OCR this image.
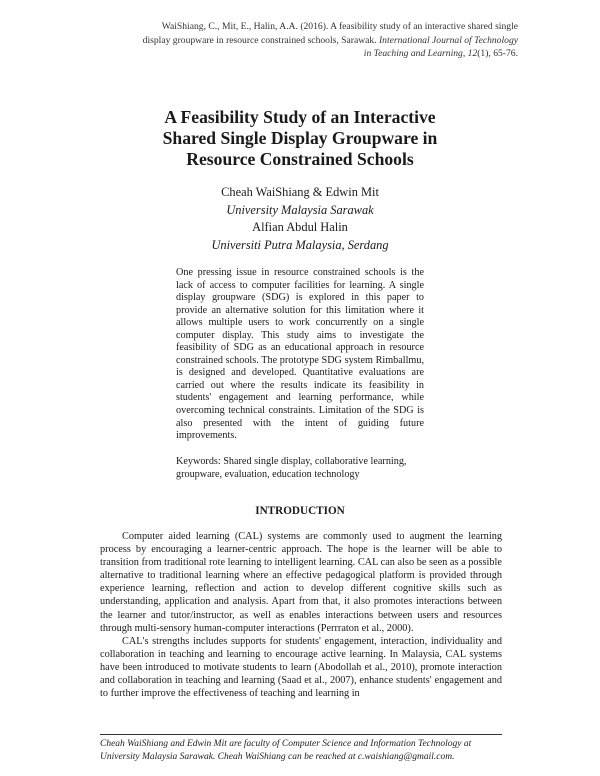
WaiShiang, C., Mit, E., Halin, A.A. (2016). A feasibility study of an interactive shared single
display groupware in resource constrained schools, Sarawak. International Journal of Technology
in Teaching and Learning, 12(1), 65-76.
A Feasibility Study of an Interactive
Shared Single Display Groupware in
Resource Constrained Schools
Cheah WaiShiang & Edwin Mit
University Malaysia Sarawak
Alfian Abdul Halin
Universiti Putra Malaysia, Serdang

One pressing issue in resource constrained schools is the lack of access to computer facilities for learning. A single display groupware (SDG) is explored in this paper to provide an alternative solution for this limitation where it allows multiple users to work concurrently on a single computer display. This study aims to investigate the feasibility of SDG as an educational approach in resource constrained schools. The prototype SDG system Rimballmu, is designed and developed. Quantitative evaluations are carried out where the results indicate its feasibility in students' engagement and learning performance, while overcoming technical constraints. Limitation of the SDG is also presented with the intent of guiding future improvements.

Keywords: Shared single display, collaborative learning, groupware, evaluation, education technology

INTRODUCTION

Computer aided learning (CAL) systems are commonly used to augment the learning process by encouraging a learner-centric approach. The hope is the learner will be able to transition from traditional rote learning to intelligent learning. CAL can also be seen as a possible alternative to traditional learning where an effective pedagogical platform is provided through experience learning, reflection and action to develop different cognitive skills such as understanding, application and analysis. Apart from that, it also promotes interactions between the learner and tutor/instructor, as well as enables interactions between users and resources through multi-sensory human-computer interactions (Perrraton et al., 2000).

CAL's strengths includes supports for students' engagement, interaction, individuality and collaboration in teaching and learning to encourage active learning. In Malaysia, CAL systems have been introduced to motivate students to learn (Abodollah et al., 2010), promote interaction and collaboration in teaching and learning (Saad et al., 2007), enhance students' engagement and to further improve the effectiveness of teaching and learning in

Cheah WaiShiang and Edwin Mit are faculty of Computer Science and Information Technology at University Malaysia Sarawak. Cheah WaiShiang can be reached at c.waishiang@gmail.com.
